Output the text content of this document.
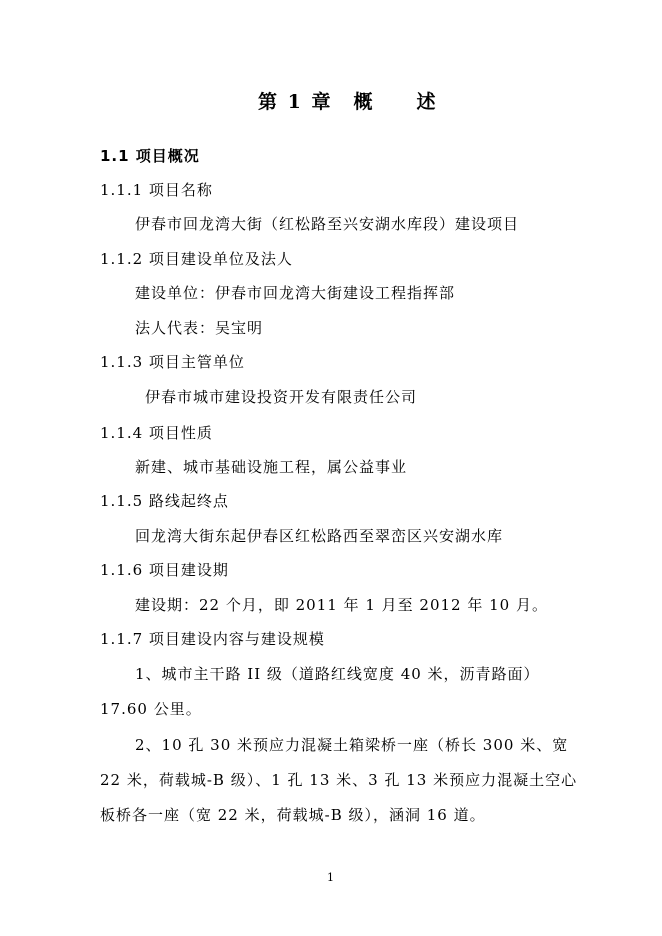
第 1 章　概　　述
1.1 项目概况
1.1.1 项目名称
伊春市回龙湾大街（红松路至兴安湖水库段）建设项目
1.1.2 项目建设单位及法人
建设单位：伊春市回龙湾大街建设工程指挥部
法人代表：吴宝明
1.1.3 项目主管单位
伊春市城市建设投资开发有限责任公司
1.1.4 项目性质
新建、城市基础设施工程，属公益事业
1.1.5 路线起终点
回龙湾大街东起伊春区红松路西至翠峦区兴安湖水库
1.1.6 项目建设期
建设期：22 个月，即 2011 年 1 月至 2012 年 10 月。
1.1.7 项目建设内容与建设规模
1、城市主干路 II 级（道路红线宽度 40 米，沥青路面）
17.60 公里。
2、10 孔 30 米预应力混凝土箱梁桥一座（桥长 300 米、宽
22 米，荷载城-B 级）、1 孔 13 米、3 孔 13 米预应力混凝土空心
板桥各一座（宽 22 米，荷载城-B 级），涵洞 16 道。
1
